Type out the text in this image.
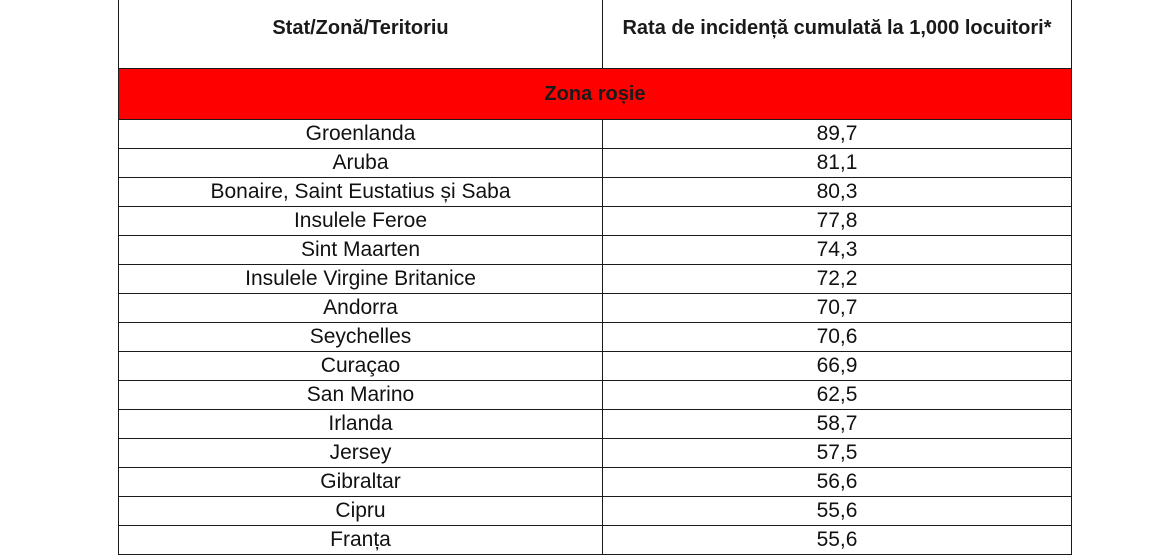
Stat/Zonă/Teritoriu	Rata de incidență cumulată la 1,000 locuitori*

Zona roșie	
Groenlanda	89,7
Aruba	81,1
Bonaire, Saint Eustatius și Saba	80,3
Insulele Feroe	77,8
Sint Maarten	74,3
Insulele Virgine Britanice	72,2
Andorra	70,7
Seychelles	70,6
Curaçao	66,9
San Marino	62,5
Irlanda	58,7
Jersey	57,5
Gibraltar	56,6
Cipru	55,6
Franța	55,6
